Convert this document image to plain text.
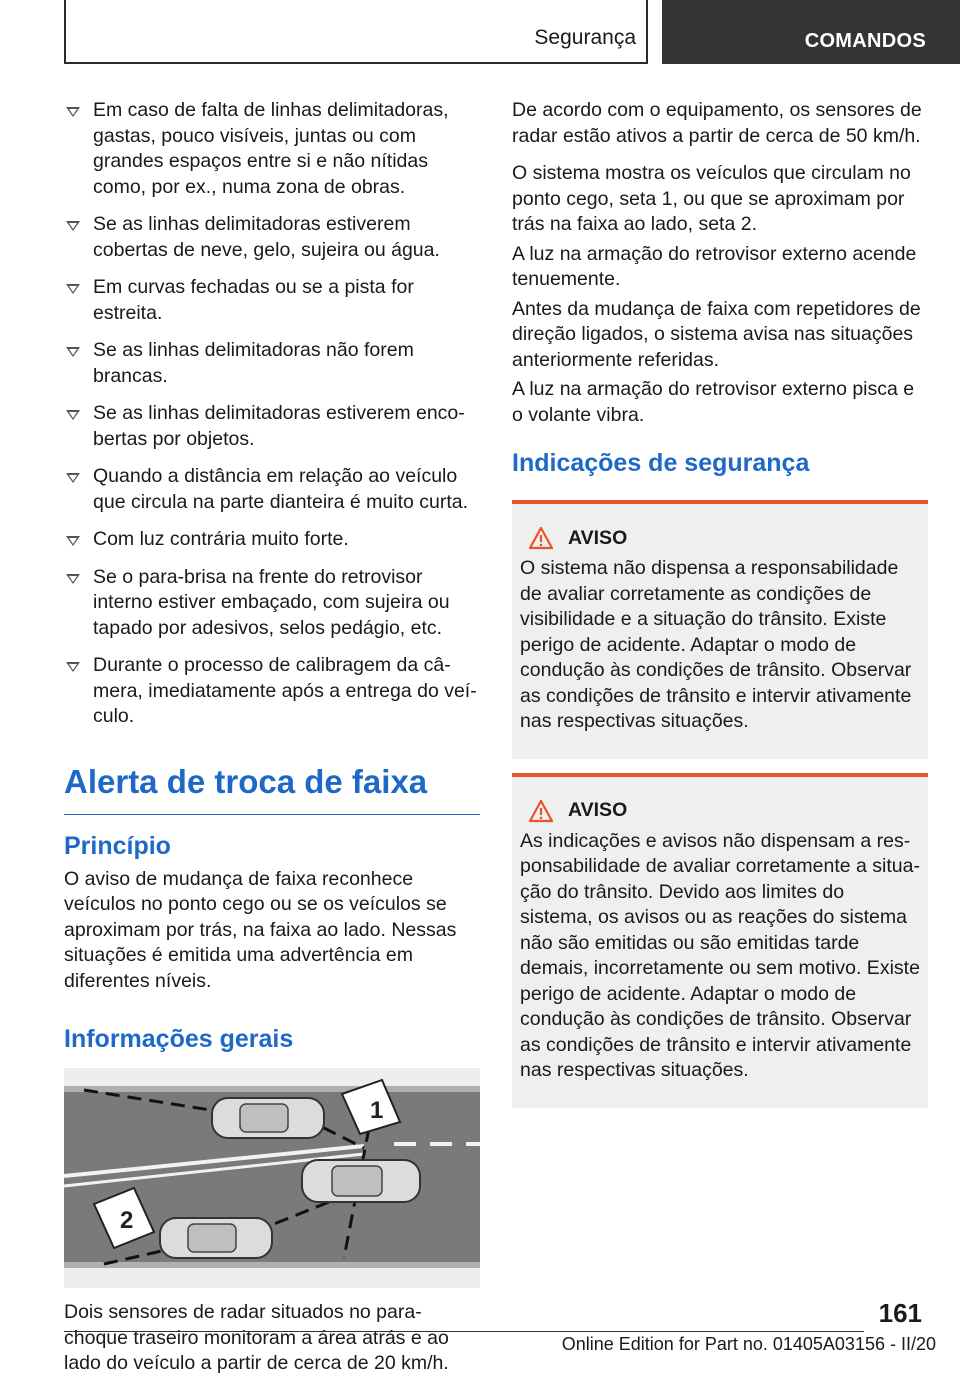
Segurança	COMANDOS
Em caso de falta de linhas delimitadoras, gastas, pouco visíveis, juntas ou com grandes espaços entre si e não nítidas como, por ex., numa zona de obras.
Se as linhas delimitadoras estiverem cobertas de neve, gelo, sujeira ou água.
Em curvas fechadas ou se a pista for estreita.
Se as linhas delimitadoras não forem brancas.
Se as linhas delimitadoras estiverem encobertas por objetos.
Quando a distância em relação ao veículo que circula na parte dianteira é muito curta.
Com luz contrária muito forte.
Se o para-brisa na frente do retrovisor interno estiver embaçado, com sujeira ou tapado por adesivos, selos pedágio, etc.
Durante o processo de calibragem da câmera, imediatamente após a entrega do veículo.
Alerta de troca de faixa
Princípio

O aviso de mudança de faixa reconhece veículos no ponto cego ou se os veículos se aproximam por trás, na faixa ao lado. Nessas situações é emitida uma advertência em diferentes níveis.

Informações gerais
1
2

Dois sensores de radar situados no para-choque traseiro monitoram a área atrás e ao lado do veículo a partir de cerca de 20 km/h.

De acordo com o equipamento, os sensores de radar estão ativos a partir de cerca de 50 km/h.

O sistema mostra os veículos que circulam no ponto cego, seta 1, ou que se aproximam por trás na faixa ao lado, seta 2.

A luz na armação do retrovisor externo acende tenuemente.

Antes da mudança de faixa com repetidores de direção ligados, o sistema avisa nas situações anteriormente referidas.

A luz na armação do retrovisor externo pisca e o volante vibra.

Indicações de segurança
AVISO

O sistema não dispensa a responsabilidade de avaliar corretamente as condições de visibilidade e a situação do trânsito. Existe perigo de acidente. Adaptar o modo de condução às condições de trânsito. Observar as condições de trânsito e intervir ativamente nas respectivas situações.

AVISO

As indicações e avisos não dispensam a responsabilidade de avaliar corretamente a situação do trânsito. Devido aos limites do sistema, os avisos ou as reações do sistema não são emitidas ou são emitidas tarde demais, incorretamente ou sem motivo. Existe perigo de acidente. Adaptar o modo de condução às condições de trânsito. Observar as condições de trânsito e intervir ativamente nas respectivas situações.

161
Online Edition for Part no. 01405A03156 - II/20
